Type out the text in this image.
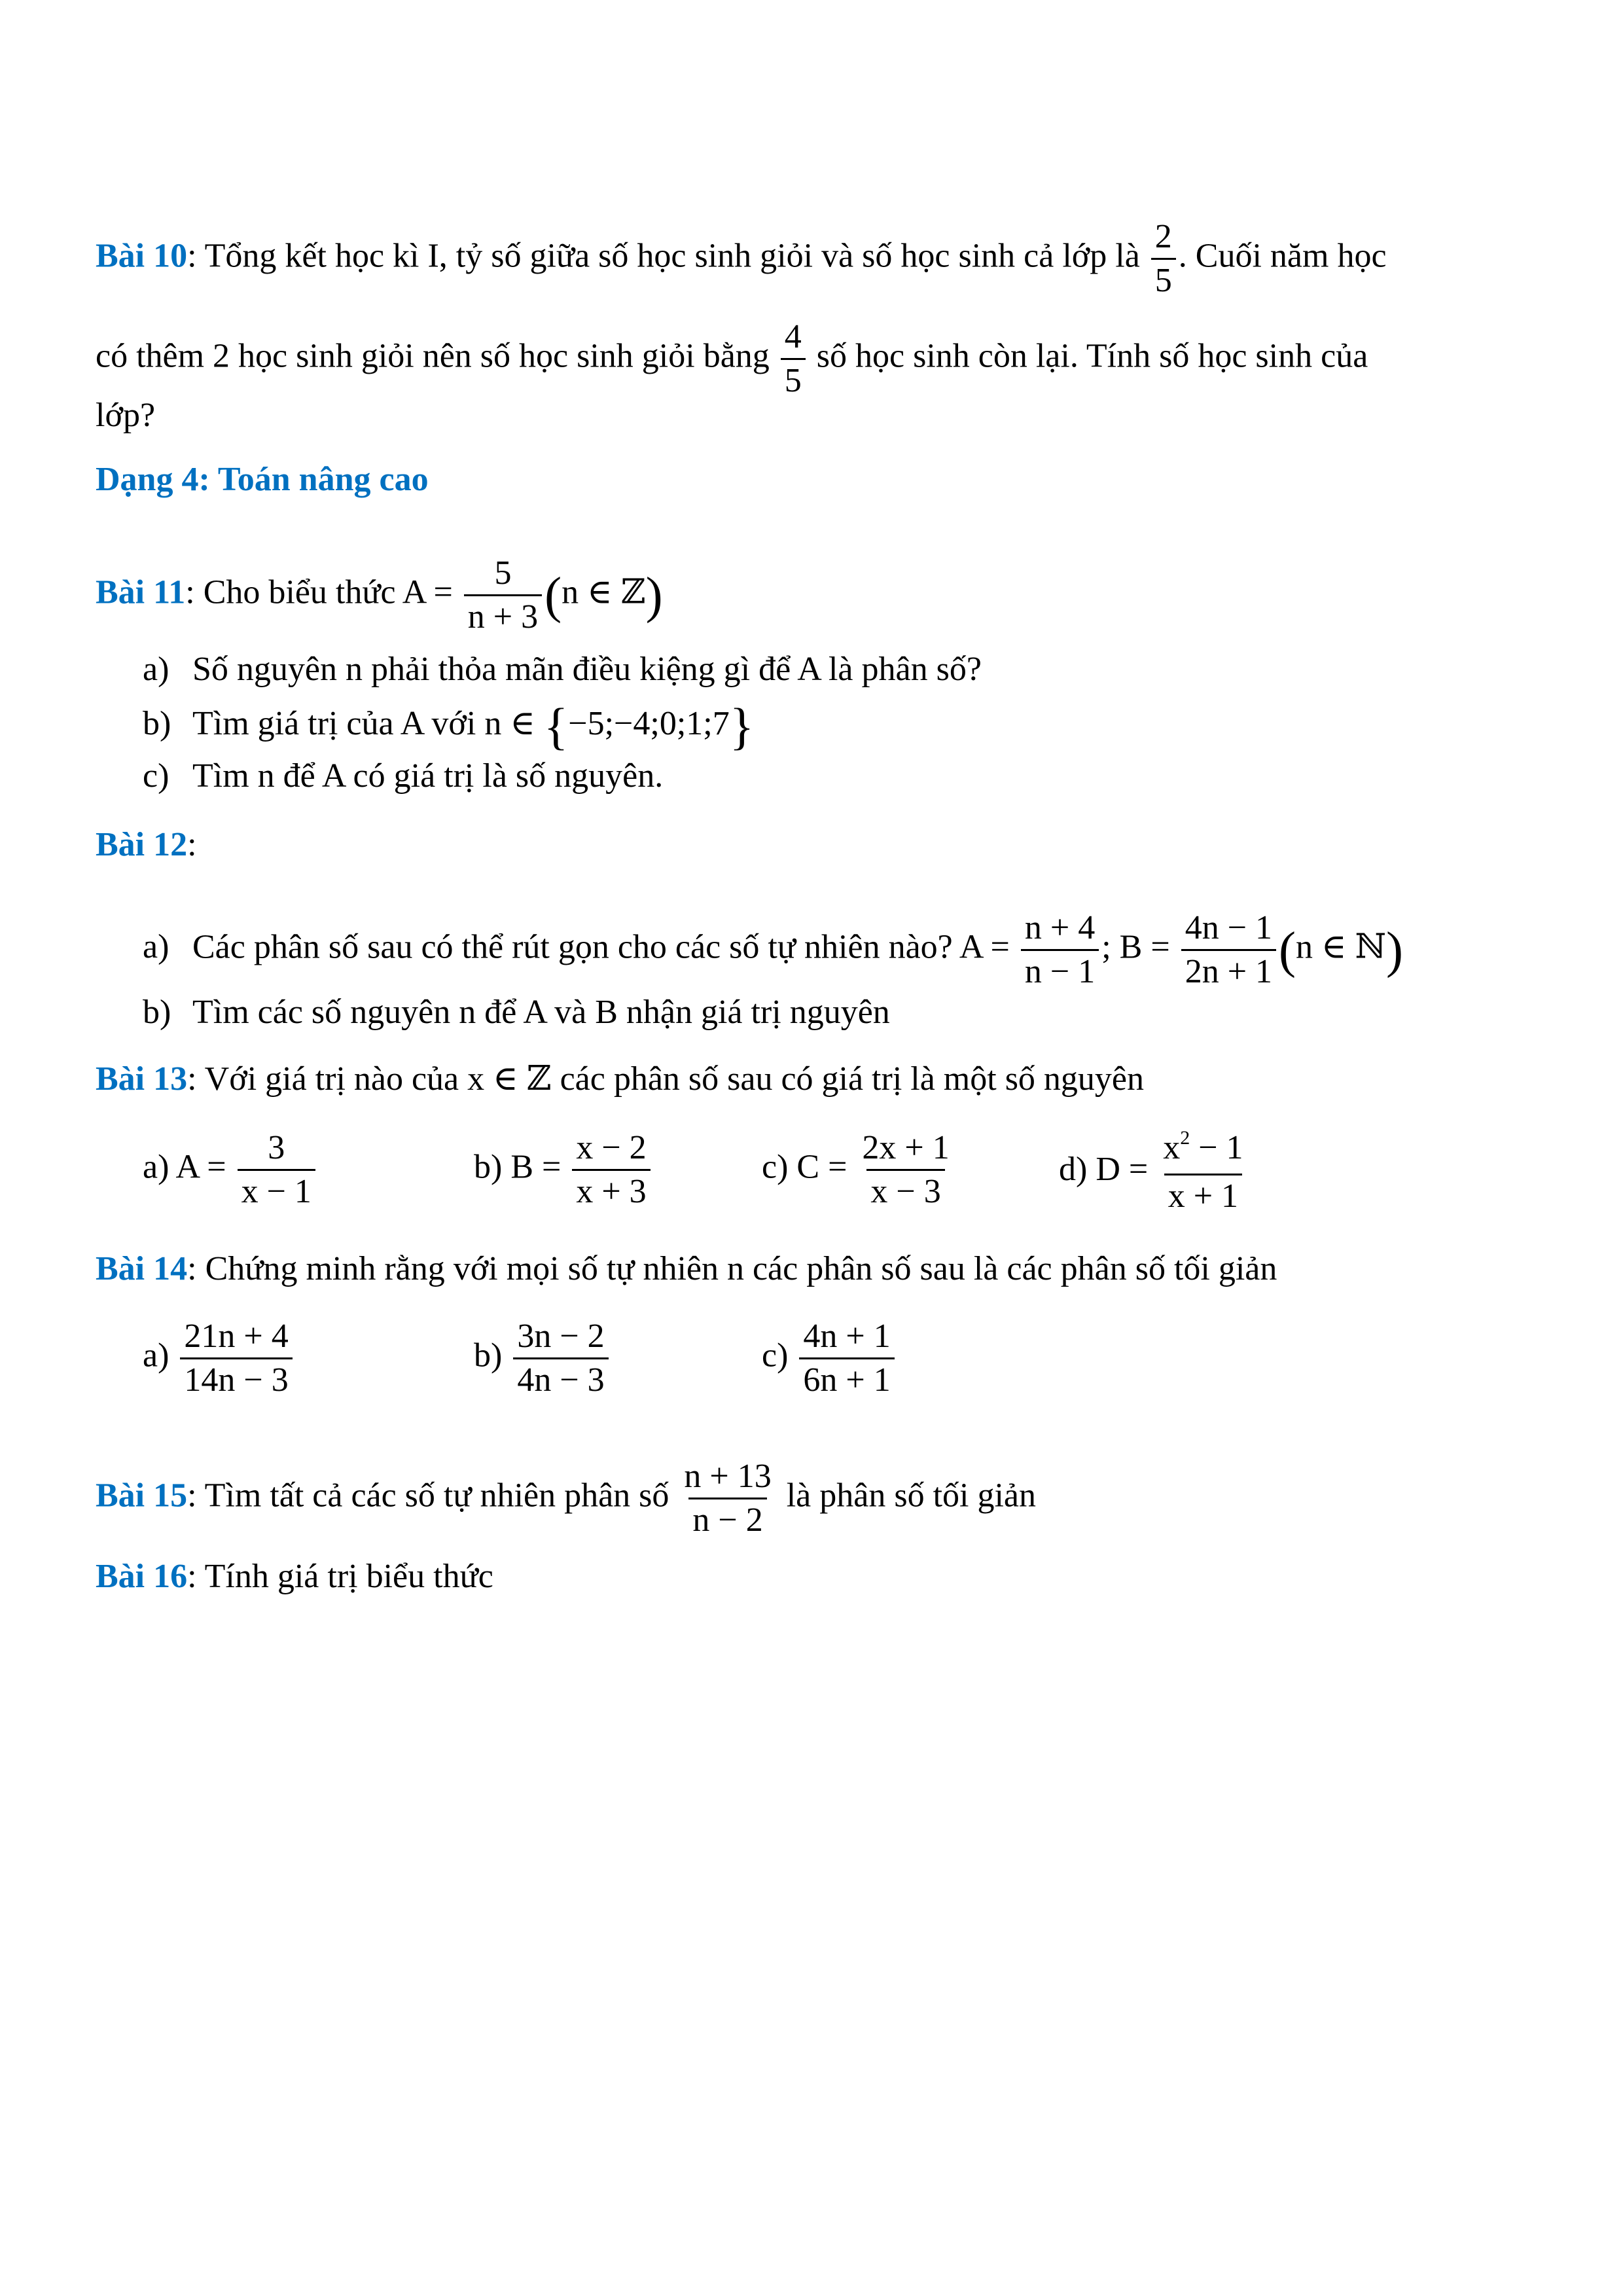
Bài 10: Tổng kết học kì I, tỷ số giữa số học sinh giỏi và số học sinh cả lớp là $\frac{2}{5}$ . Cuối năm học
có thêm 2 học sinh giỏi nên số học sinh giỏi bằng $\frac{4}{5}$ số học sinh còn lại. Tính số học sinh của
lớp?
Dạng 4: Toán nâng cao
Bài 11: Cho biểu thức $A = \frac{5}{n + 3} (n$ ∈ ℤ)
a) Số nguyên n phải thỏa mãn điều kiệng gì để A là phân số?
b) Tìm giá trị của A với n ∈ {−5;−4;0;1;7}
c) Tìm n để A có giá trị là số nguyên.
Bài 12:
a) Các phân số sau có thể rút gọn cho các số tự nhiên nào? $A = \frac{n + 4}{n - 1}$ ; $B = \frac{4n - 1}{2n + 1} (n$ ∈ ℕ)
b) Tìm các số nguyên n để A và B nhận giá trị nguyên
Bài 13: Với giá trị nào của x ∈ ℤ các phân số sau có giá trị là một số nguyên
a) $A = \frac{3}{x - 1}$	b) $B = \frac{x - 2}{x + 3}$	c) $C = \frac{2x + 1}{x - 3}$	d) $D = \frac{x^2 - 1}{x + 1}$
Bài 14: Chứng minh rằng với mọi số tự nhiên n các phân số sau là các phân số tối giản
$a) \frac{21n + 4}{14n - 3}$	$b) \frac{3n - 2}{4n - 3}$	$c) \frac{4n + 1}{6n + 1}$
Bài 15: Tìm tất cả các số tự nhiên phân số $\frac{n + 13}{n - 2}$ là phân số tối giản
Bài 16: Tính giá trị biểu thức
